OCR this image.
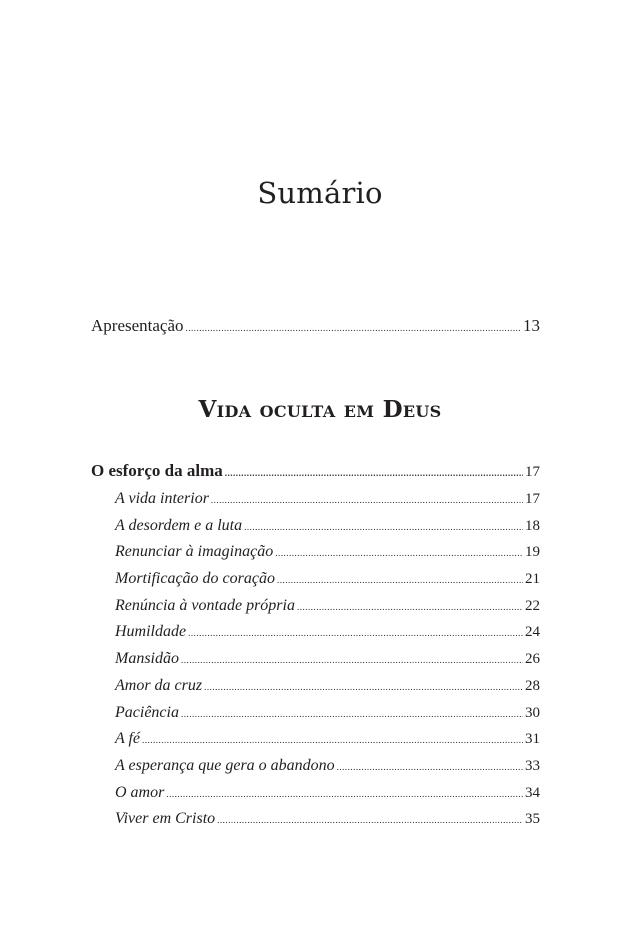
Sumário
Apresentação .....	13
Vida oculta em Deus
O esforço da alma .....	17
A vida interior .....	17
A desordem e a luta .....	18
Renunciar à imaginação .....	19
Mortificação do coração .....	21
Renúncia à vontade própria .....	22
Humildade .....	24
Mansidão .....	26
Amor da cruz .....	28
Paciência .....	30
A fé .....	31
A esperança que gera o abandono .....	33
O amor .....	34
Viver em Cristo .....	35
